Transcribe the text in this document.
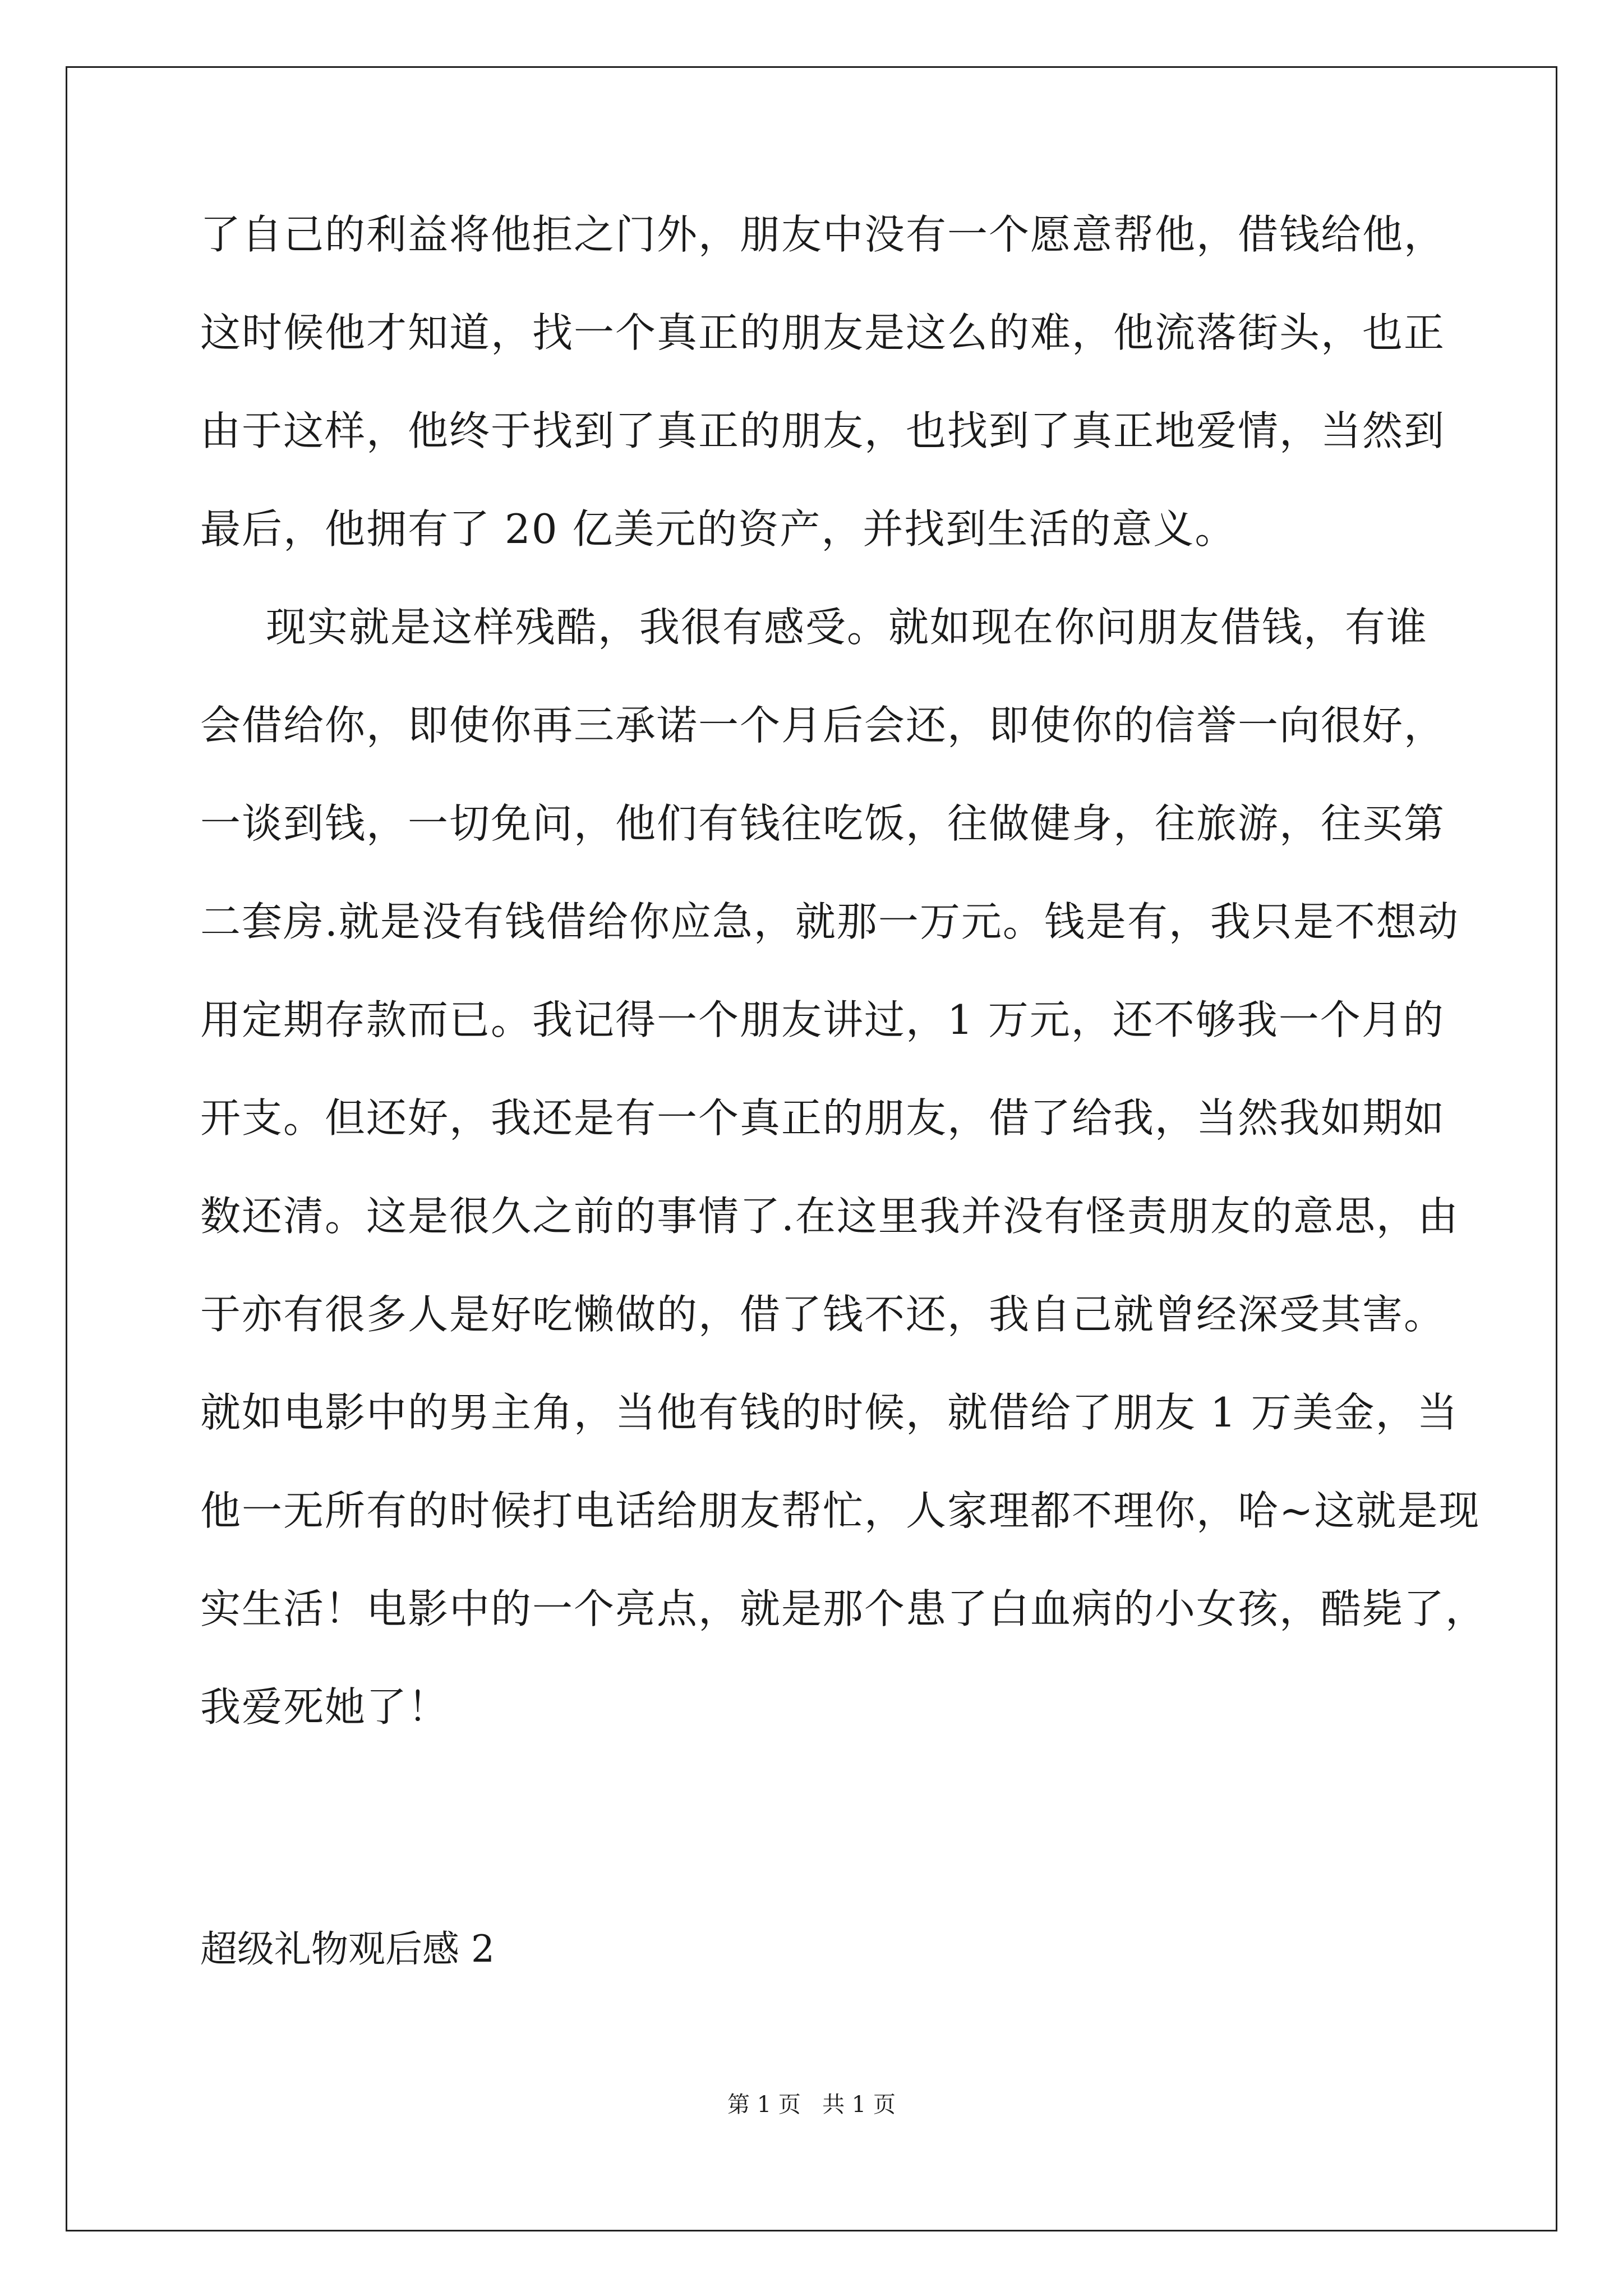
了自己的利益将他拒之门外，朋友中没有一个愿意帮他，借钱给他，
这时候他才知道，找一个真正的朋友是这么的难，他流落街头，也正
由于这样，他终于找到了真正的朋友，也找到了真正地爱情，当然到
最后，他拥有了 20 亿美元的资产，并找到生活的意义。
现实就是这样残酷，我很有感受。就如现在你问朋友借钱，有谁
会借给你，即使你再三承诺一个月后会还，即使你的信誉一向很好，
一谈到钱，一切免问，他们有钱往吃饭，往做健身，往旅游，往买第
二套房.就是没有钱借给你应急，就那一万元。钱是有，我只是不想动
用定期存款而已。我记得一个朋友讲过，1 万元，还不够我一个月的
开支。但还好，我还是有一个真正的朋友，借了给我，当然我如期如
数还清。这是很久之前的事情了.在这里我并没有怪责朋友的意思，由
于亦有很多人是好吃懒做的，借了钱不还，我自己就曾经深受其害。
就如电影中的男主角，当他有钱的时候，就借给了朋友 1 万美金，当
他一无所有的时候打电话给朋友帮忙，人家理都不理你，哈~这就是现
实生活！电影中的一个亮点，就是那个患了白血病的小女孩，酷毙了，
我爱死她了！
超级礼物观后感 2
第 1 页   共 1 页
